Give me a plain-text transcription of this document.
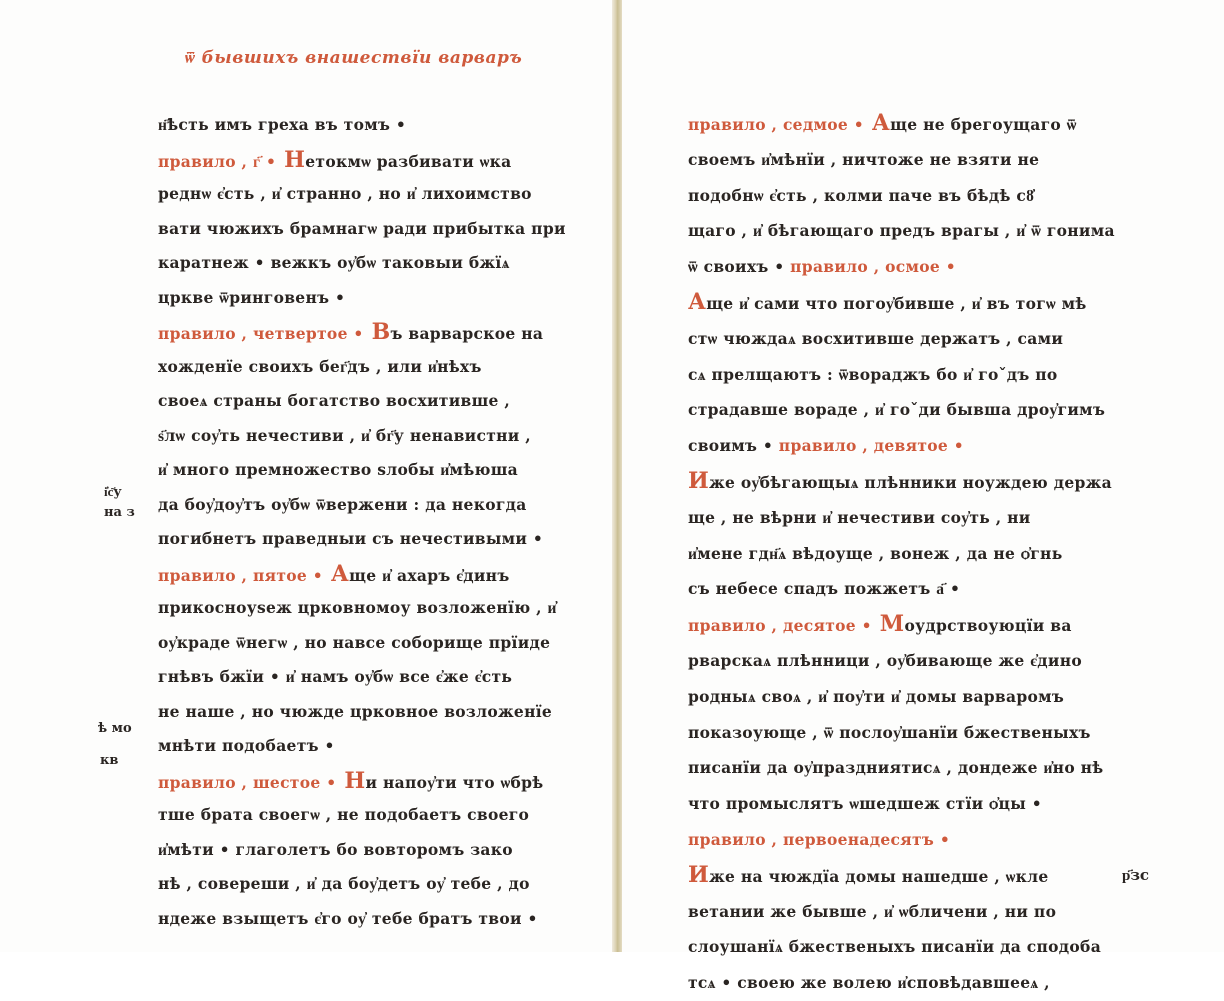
ѿ бывшихъ внашествїи варваръ
н҃ѣсть имъ греха въ томъ •
правило , г҃ • Нетокмѡ разбивати ѡка
реднѡ є҆сть , и҆ странно , но и҆ лихоимство
вати чюжихъ брамнагѡ ради прибытка при
каратнеж • вежкъ оу҆бѡ таковыи бжїѧ
цркве ѿринговенъ •
правило , четвертое • Въ варварское на
хожденїе своихъ бег҃дъ , или и҆нѣхъ
своеѧ страны богатство восхитивше ,
ѕ҃лѡ соу҆ть нечестиви , и҆ бг҃у ненавистни ,
и҆ много премножество ѕлобы и҆мѣюша
да боу҆доу҆тъ оу҆бѡ ѿвержени : да некогда
погибнетъ праведныи съ нечестивыми •
правило , пятое • Аще и҆ ахаръ є҆динъ
прикосноуѕеж црковномоу возложенїю , и҆
оу҆краде ѿнегѡ , но навсе соборище прїиде
гнѣвъ бжїи • и҆ намъ оу҆бѡ все є҆же є҆сть
не наше , но чюжде црковное возложенїе
мнѣти подобаетъ •
правило , шестое • Ни напоу҆ти что ѡбрѣ
тше брата своегѡ , не подобаетъ своего
и҆мѣти • глаголетъ бо вовторомъ зако
нѣ , совереши , и҆ да боу҆детъ оу҆ тебе , до
ндеже взыщетъ є҆го оу҆ тебе братъ твои •
і҆с҃у
на з
ѣ мо
кв
правило , седмое • Аще не брегоущаго ѿ
своемъ и҆мѣнїи , ничтоже не взяти не
подобнѡ є҆сть , колми паче въ бѣдѣ сȣ҆
щаго , и҆ бѣгающаго предъ врагы , и҆ ѿ гонима
ѿ своихъ • правило , осмое •
Аще и҆ сами что погоу҆бивше , и҆ въ тогѡ мѣ
стѡ чюждаѧ восхитивше держатъ , сами
сѧ прелщаютъ : ѿвораджъ бо и҆ гоˇдъ по
страдавше вораде , и҆ гоˇди бывша дроу҆гимъ
своимъ • правило , девятое •
Иже оу҆бѣгающыѧ плѣнники ноуждею держа
ще , не вѣрни и҆ нечестиви соу҆ть , ни
и҆мене гдн҃ѧ вѣдоуще , вонеж , да не ѻ҆гнь
съ небесе спадъ пожжетъ а҃ •
правило , десятое • Моудрствоуюцїи ва
рварскаѧ плѣнници , оу҆бивающе же є҆дино
родныѧ своѧ , и҆ поу҆ти и҆ домы варваромъ
показоующе , ѿ послоу҆шанїи бжественыхъ
писанїи да оу҆праздниятисѧ , дондеже и҆но нѣ
что промыслятъ ѡшедшеж стїи ѻ҆цы •
правило , первоенадесятъ •
Иже на чюждїа домы нашедше , ѡкле
ветании же бывше , и҆ ѡбличени , ни по
слоушанїѧ бжественыхъ писанїи да сподоба
тсѧ • своею же волею и҆сповѣдавшееѧ ,
р҃зс
